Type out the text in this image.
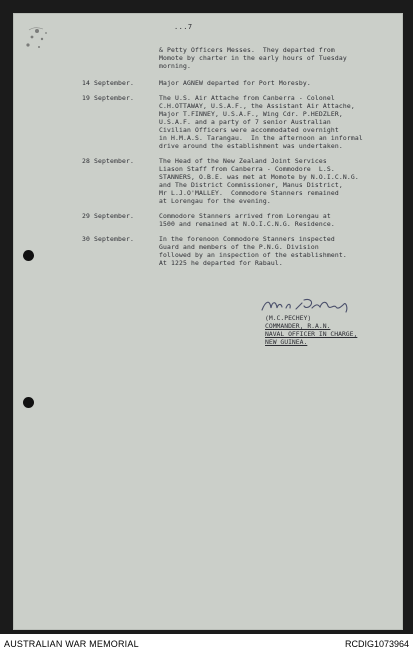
...7
& Petty Officers Messes.  They departed from
Momote by charter in the early hours of Tuesday
morning.
14 September.	Major AGNEW departed for Port Moresby.
19 September.	The U.S. Air Attache from Canberra - Colonel
C.H.OTTAWAY, U.S.A.F., the Assistant Air Attache,
Major T.FINNEY, U.S.A.F., Wing Cdr. P.HEDZLER,
U.S.A.F. and a party of 7 senior Australian
Civilian Officers were accommodated overnight
in H.M.A.S. Tarangau.  In the afternoon an informal
drive around the establishment was undertaken.
28 September.	The Head of the New Zealand Joint Services
Liason Staff from Canberra - Commodore  L.S.
STANNERS, O.B.E. was met at Momote by N.O.I.C.N.G.
and The District Commissioner, Manus District,
Mr L.J.O'MALLEY.  Commodore Stanners remained
at Lorengau for the evening.
29 September.	Commodore Stanners arrived from Lorengau at
1500 and remained at N.O.I.C.N.G. Residence.
30 September.	In the forenoon Commodore Stanners inspected
Guard and members of the P.N.G. Division
followed by an inspection of the establishment.
At 1225 he departed for Rabaul.
(M.C.PECHEY)
COMMANDER, R.A.N.
NAVAL OFFICER IN CHARGE,
NEW GUINEA.
AUSTRALIAN WAR MEMORIAL	RCDIG1073964
